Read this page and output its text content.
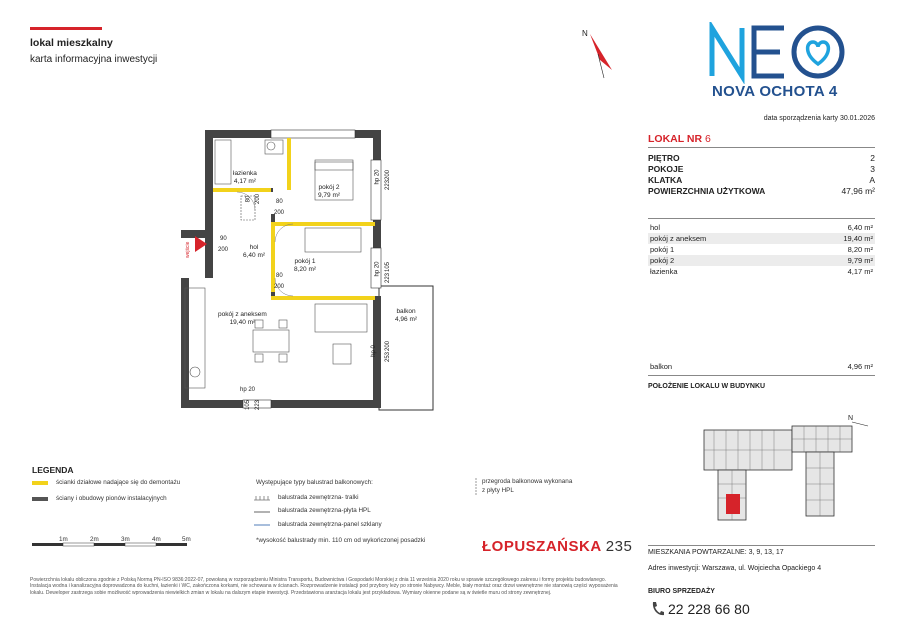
lokal mieszkalny
karta informacyjna inwestycji
N
NOVA OCHOTA 4
data sporządzenia karty 30.01.2026
LOKAL NR 6
PIĘTRO	2
POKOJE	3
KLATKA	A
POWIERZCHNIA UŻYTKOWA	47,96 m²
hol	6,40 m²
pokój z aneksem	19,40 m²
pokój 1	8,20 m²
pokój 2	9,79 m²
łazienka	4,17 m²
balkon	4,96 m²
POŁOŻENIE LOKALU W BUDYNKU
N
MIESZKANIA POWTARZALNE: 3, 9, 13, 17
Adres inwestycji: Warszawa, ul. Wojciecha Opackiego 4
BIURO SPRZEDAŻY
22 228 66 80
wejście
łazienka
4,17 m²
pokój 2
9,79 m²
hol
6,40 m²
pokój 1
8,20 m²
pokój z aneksem
19,40 m²
balkon
4,96 m²
80 200 80
200
90
200
80
200
hp 20 200
223
hp 20 105
223
hp 0 200
253
hp 20
105 223
LEGENDA
ścianki działowe nadające się do demontażu
ściany i obudowy pionów instalacyjnych
Występujące typy balustrad balkonowych:
balustrada zewnętrzna- tralki
balustrada zewnętrzna-płyta HPL
balustrada zewnętrzna-panel szklany
*wysokość balustrady min. 110 cm od wykończonej posadzki
przegroda balkonowa wykonana
z płyty HPL
1m	2m	3m	4m	5m	ŁOPUSZAŃSKA 235
Powierzchnia lokalu obliczona zgodnie z Polską Normą PN-ISO 9836:2022-07, powołaną w rozporządzeniu Ministra Transportu, Budownictwa i Gospodarki Morskiej z dnia 11 września 2020 roku w sprawie szczegółowego zakresu i formy projektu budowlanego. Instalacja wodna i kanalizacyjna doprowadzona do kuchni, łazienki i WC, zakończona korkami, nie schowana w ścianach. Rozprowadzenie instalacji pod przybory leży po stronie Nabywcy. Meble, biały montaż oraz drzwi wewnętrzne nie stanowią części wyposażenia lokalu. Deweloper zastrzega sobie możliwość wprowadzenia niewielkich zmian w lokalu na dalszym etapie inwestycji. Przedstawiona aranżacja lokalu jest przykładowa. Wymiary okienne podane są w świetle muru od strony zewnętrznej.
